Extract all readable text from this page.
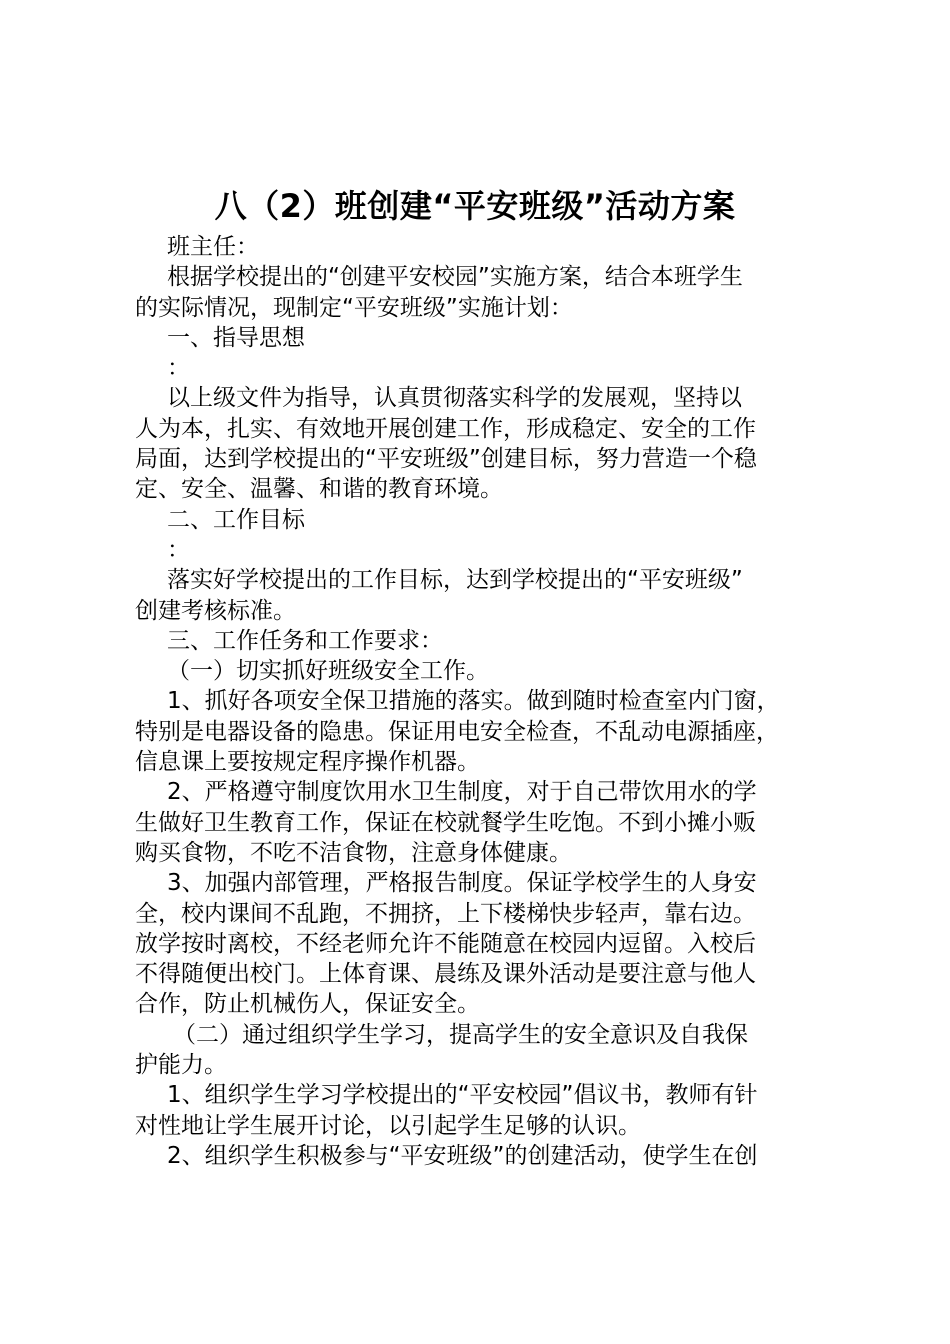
八（2）班创建“平安班级”活动方案
班主任：
根据学校提出的“创建平安校园”实施方案，结合本班学生
的实际情况，现制定“平安班级”实施计划：
一、指导思想
：
以上级文件为指导，认真贯彻落实科学的发展观，坚持以
人为本，扎实、有效地开展创建工作，形成稳定、安全的工作
局面，达到学校提出的“平安班级”创建目标，努力营造一个稳
定、安全、温馨、和谐的教育环境。
二、工作目标
：
落实好学校提出的工作目标，达到学校提出的“平安班级”
创建考核标准。
三、工作任务和工作要求：
（一）切实抓好班级安全工作。
1、抓好各项安全保卫措施的落实。做到随时检查室内门窗，
特别是电器设备的隐患。保证用电安全检查，不乱动电源插座，
信息课上要按规定程序操作机器。
2、严格遵守制度饮用水卫生制度，对于自己带饮用水的学
生做好卫生教育工作，保证在校就餐学生吃饱。不到小摊小贩
购买食物，不吃不洁食物，注意身体健康。
3、加强内部管理，严格报告制度。保证学校学生的人身安
全，校内课间不乱跑，不拥挤，上下楼梯快步轻声，靠右边。
放学按时离校，不经老师允许不能随意在校园内逗留。入校后
不得随便出校门。上体育课、晨练及课外活动是要注意与他人
合作，防止机械伤人，保证安全。
（二）通过组织学生学习，提高学生的安全意识及自我保
护能力。
1、组织学生学习学校提出的“平安校园”倡议书，教师有针
对性地让学生展开讨论，以引起学生足够的认识。
2、组织学生积极参与“平安班级”的创建活动，使学生在创
